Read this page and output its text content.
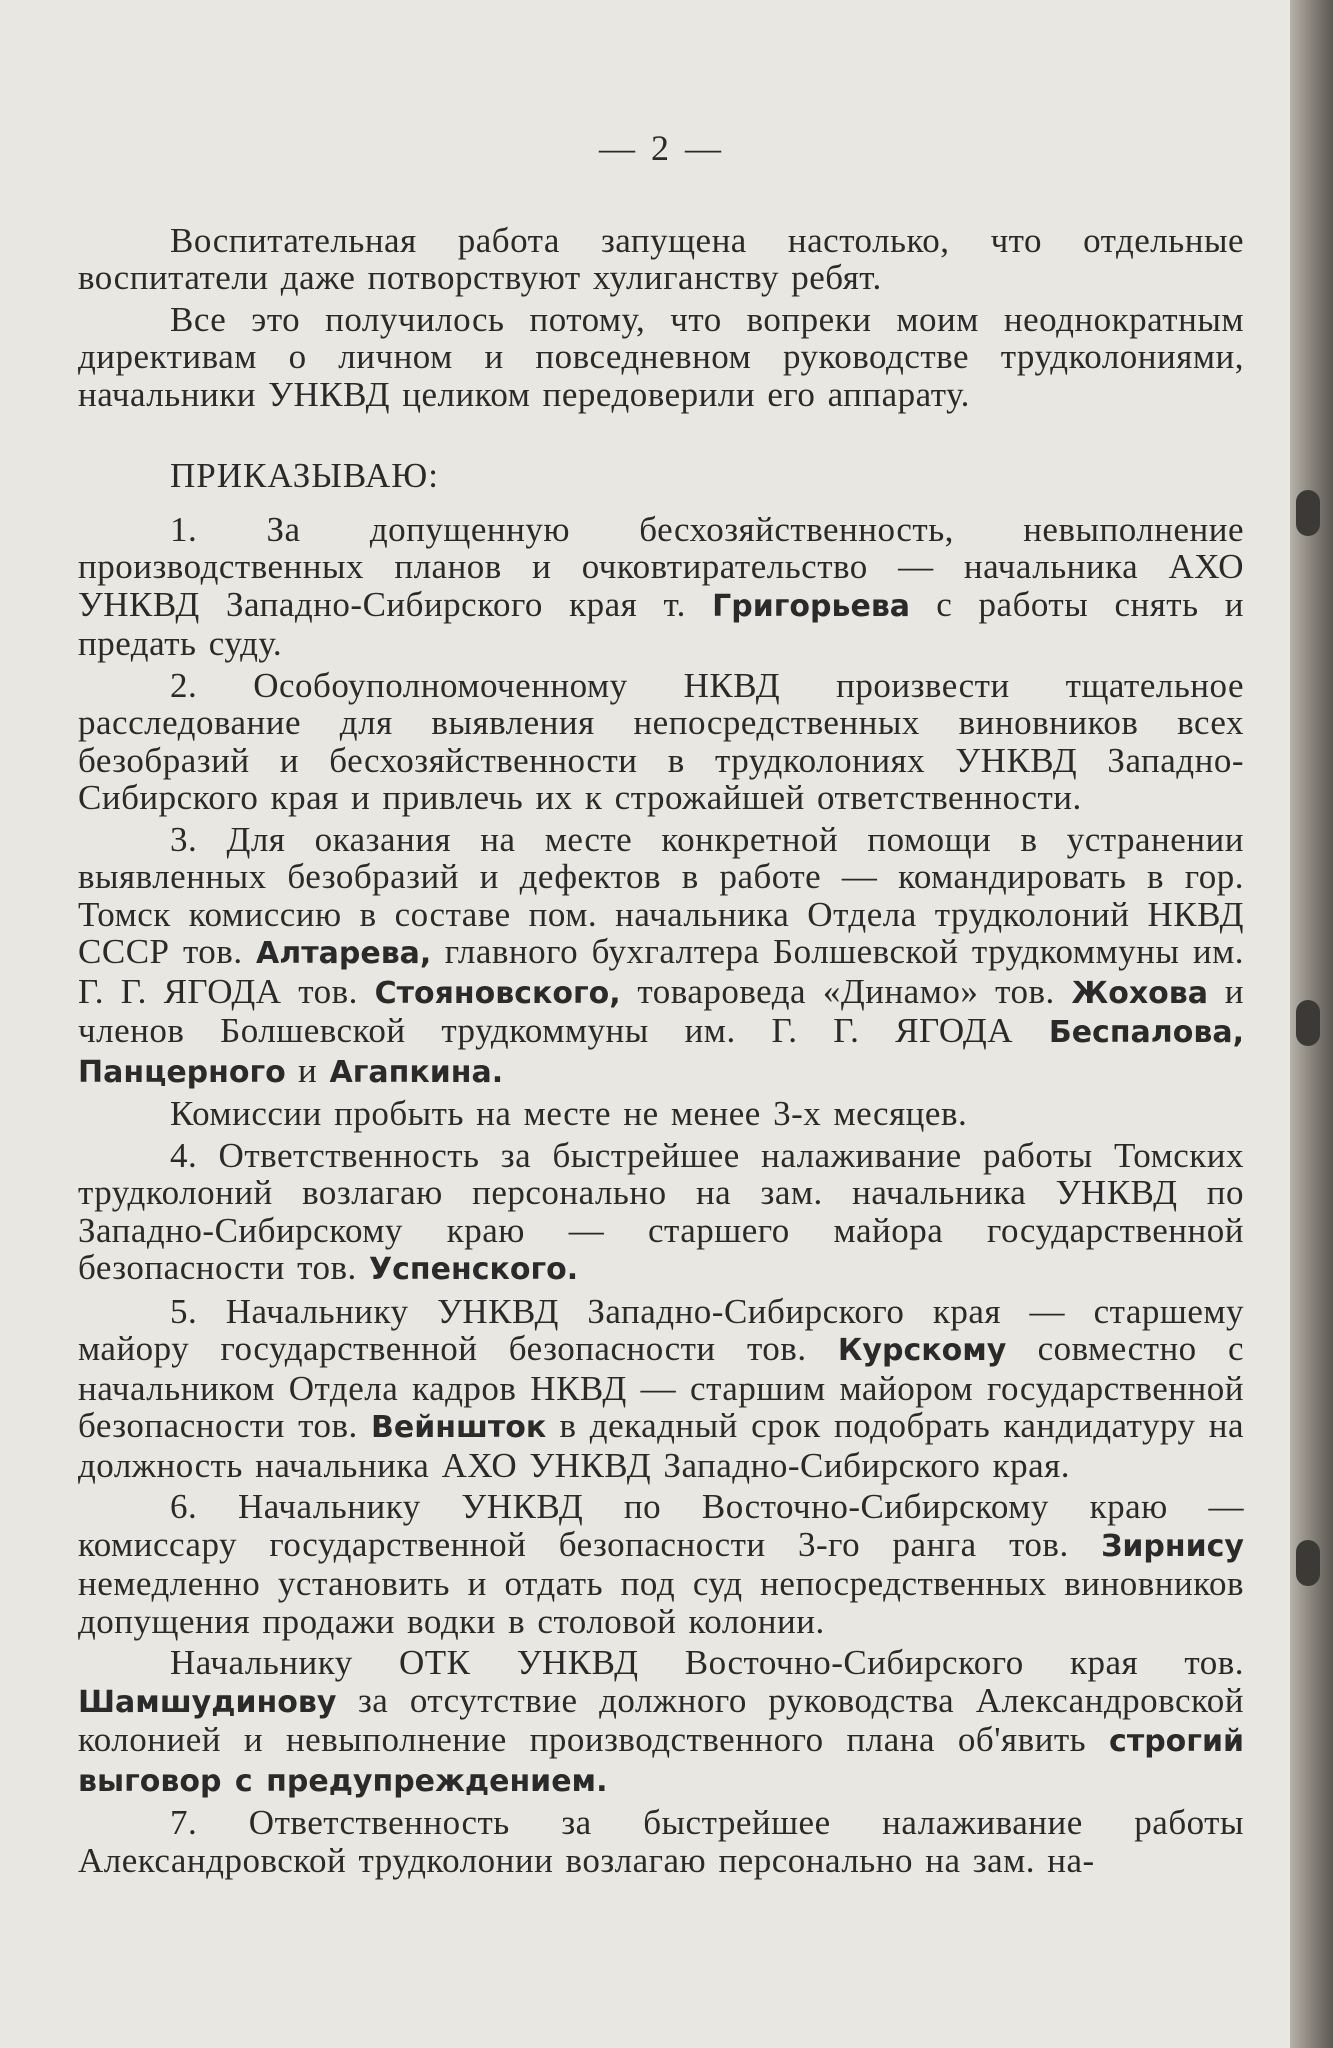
— 2 —

Воспитательная работа запущена настолько, что отдельные воспитатели даже потворствуют хулиганству ребят.

Все это получилось потому, что вопреки моим неоднократным директивам о личном и повседневном руководстве трудколониями, начальники УНКВД целиком передоверили его аппарату.

ПРИКАЗЫВАЮ:

1. За допущенную бесхозяйственность, невыполнение производственных планов и очковтирательство — начальника АХО УНКВД Западно-Сибирского края т. Григорьева с работы снять и предать суду.

2. Особоуполномоченному НКВД произвести тщательное расследование для выявления непосредственных виновников всех безобразий и бесхозяйственности в трудколониях УНКВД Западно-Сибирского края и привлечь их к строжайшей ответственности.

3. Для оказания на месте конкретной помощи в устранении выявленных безобразий и дефектов в работе — командировать в гор. Томск комиссию в составе пом. начальника Отдела трудколоний НКВД СССР тов. Алтарева, главного бухгалтера Болшевской трудкоммуны им. Г. Г. ЯГОДА тов. Стояновского, товароведа «Динамо» тов. Жохова и членов Болшевской трудкоммуны им. Г. Г. ЯГОДА Беспалова, Панцерного и Агапкина.

Комиссии пробыть на месте не менее 3-х месяцев.

4. Ответственность за быстрейшее налаживание работы Томских трудколоний возлагаю персонально на зам. начальника УНКВД по Западно-Сибирскому краю — старшего майора государственной безопасности тов. Успенского.

5. Начальнику УНКВД Западно-Сибирского края — старшему майору государственной безопасности тов. Курскому совместно с начальником Отдела кадров НКВД — старшим майором государственной безопасности тов. Вейншток в декадный срок подобрать кандидатуру на должность начальника АХО УНКВД Западно-Сибирского края.

6. Начальнику УНКВД по Восточно-Сибирскому краю — комиссару государственной безопасности 3-го ранга тов. Зирнису немедленно установить и отдать под суд непосредственных виновников допущения продажи водки в столовой колонии.

Начальнику ОТК УНКВД Восточно-Сибирского края тов. Шамшудинову за отсутствие должного руководства Александровской колонией и невыполнение производственного плана об'явить строгий выговор с предупреждением.

7. Ответственность за быстрейшее налаживание работы Александровской трудколонии возлагаю персонально на зам. на-
